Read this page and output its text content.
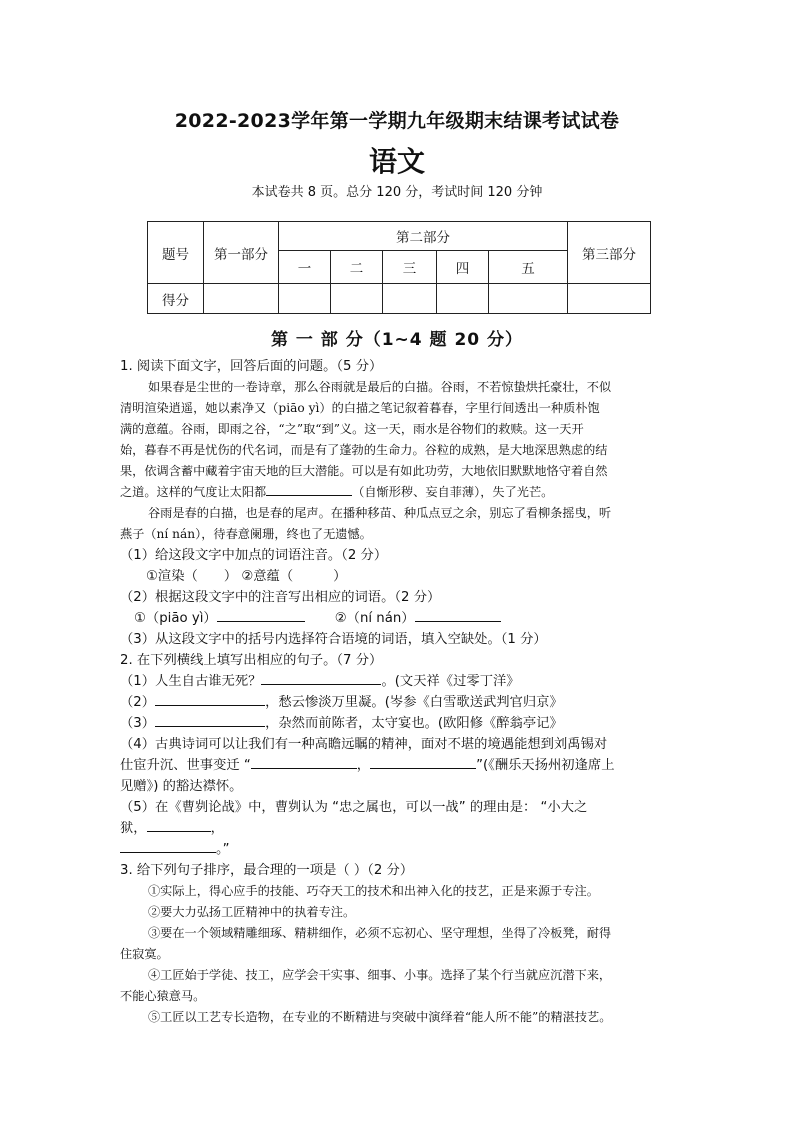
2022-2023学年第一学期九年级期末结课考试试卷
语文
本试卷共 8 页。总分 120 分，考试时间 120 分钟
题号	第一部分	第二部分					第三部分
		一	二	三	四	五	
得分							
第 一 部 分（1~4 题 20 分）
1. 阅读下面文字，回答后面的问题。（5 分）
如果春是尘世的一卷诗章，那么谷雨就是最后的白描。谷雨，不若惊蛰烘托豪壮，不似
清明渲染逍遥，她以素净又（piāo yì）的白描之笔记叙着暮春，字里行间透出一种质朴饱
满的意蕴。谷雨，即雨之谷，“之”取“到”义。这一天，雨水是谷物们的救赎。这一天开
始，暮春不再是忧伤的代名词，而是有了蓬勃的生命力。谷粒的成熟，是大地深思熟虑的结
果，依调含蓄中藏着宇宙天地的巨大潜能。可以是有如此功劳，大地依旧默默地恪守着自然
之道。这样的气度让太阳都	（自惭形秽、妄自菲薄），失了光芒。
谷雨是春的白描，也是春的尾声。在播种移苗、种瓜点豆之余，别忘了看柳条摇曳，听
燕子（ní nán），待春意阑珊，终也了无遗憾。
（1）给这段文字中加点的词语注音。（2 分）
①渲染（ ） ②意蕴（	）
（2）根据这段文字中的注音写出相应的词语。（2 分）
①（piāo yì）	②（ní nán）
（3）从这段文字中的括号内选择符合语境的词语，填入空缺处。（1 分）
2. 在下列横线上填写出相应的句子。（7 分）
（1）人生自古谁无死？	。(文天祥《过零丁洋》
（2）	，愁云惨淡万里凝。(岑参《白雪歌送武判官归京》
（3）	，杂然而前陈者，太守宴也。(欧阳修《醉翁亭记》
（4）古典诗词可以让我们有一种高瞻远瞩的精神，面对不堪的境遇能想到刘禹锡对
仕宦升沉、世事变迁 “	，	”(《酬乐天扬州初逢席上
见赠》) 的豁达襟怀。
（5）在《曹刿论战》中，曹刿认为 “忠之属也，可以一战” 的理由是： “小大之
狱，	，
。”
3. 给下列句子排序，最合理的一项是（ ）（2 分）
①实际上，得心应手的技能、巧夺天工的技术和出神入化的技艺，正是来源于专注。
②要大力弘扬工匠精神中的执着专注。
③要在一个领域精雕细琢、精耕细作，必须不忘初心、坚守理想，坐得了冷板凳，耐得
住寂寞。
④工匠始于学徒、技工，应学会干实事、细事、小事。选择了某个行当就应沉潜下来，
不能心猿意马。
⑤工匠以工艺专长造物，在专业的不断精进与突破中演绎着“能人所不能”的精湛技艺。
